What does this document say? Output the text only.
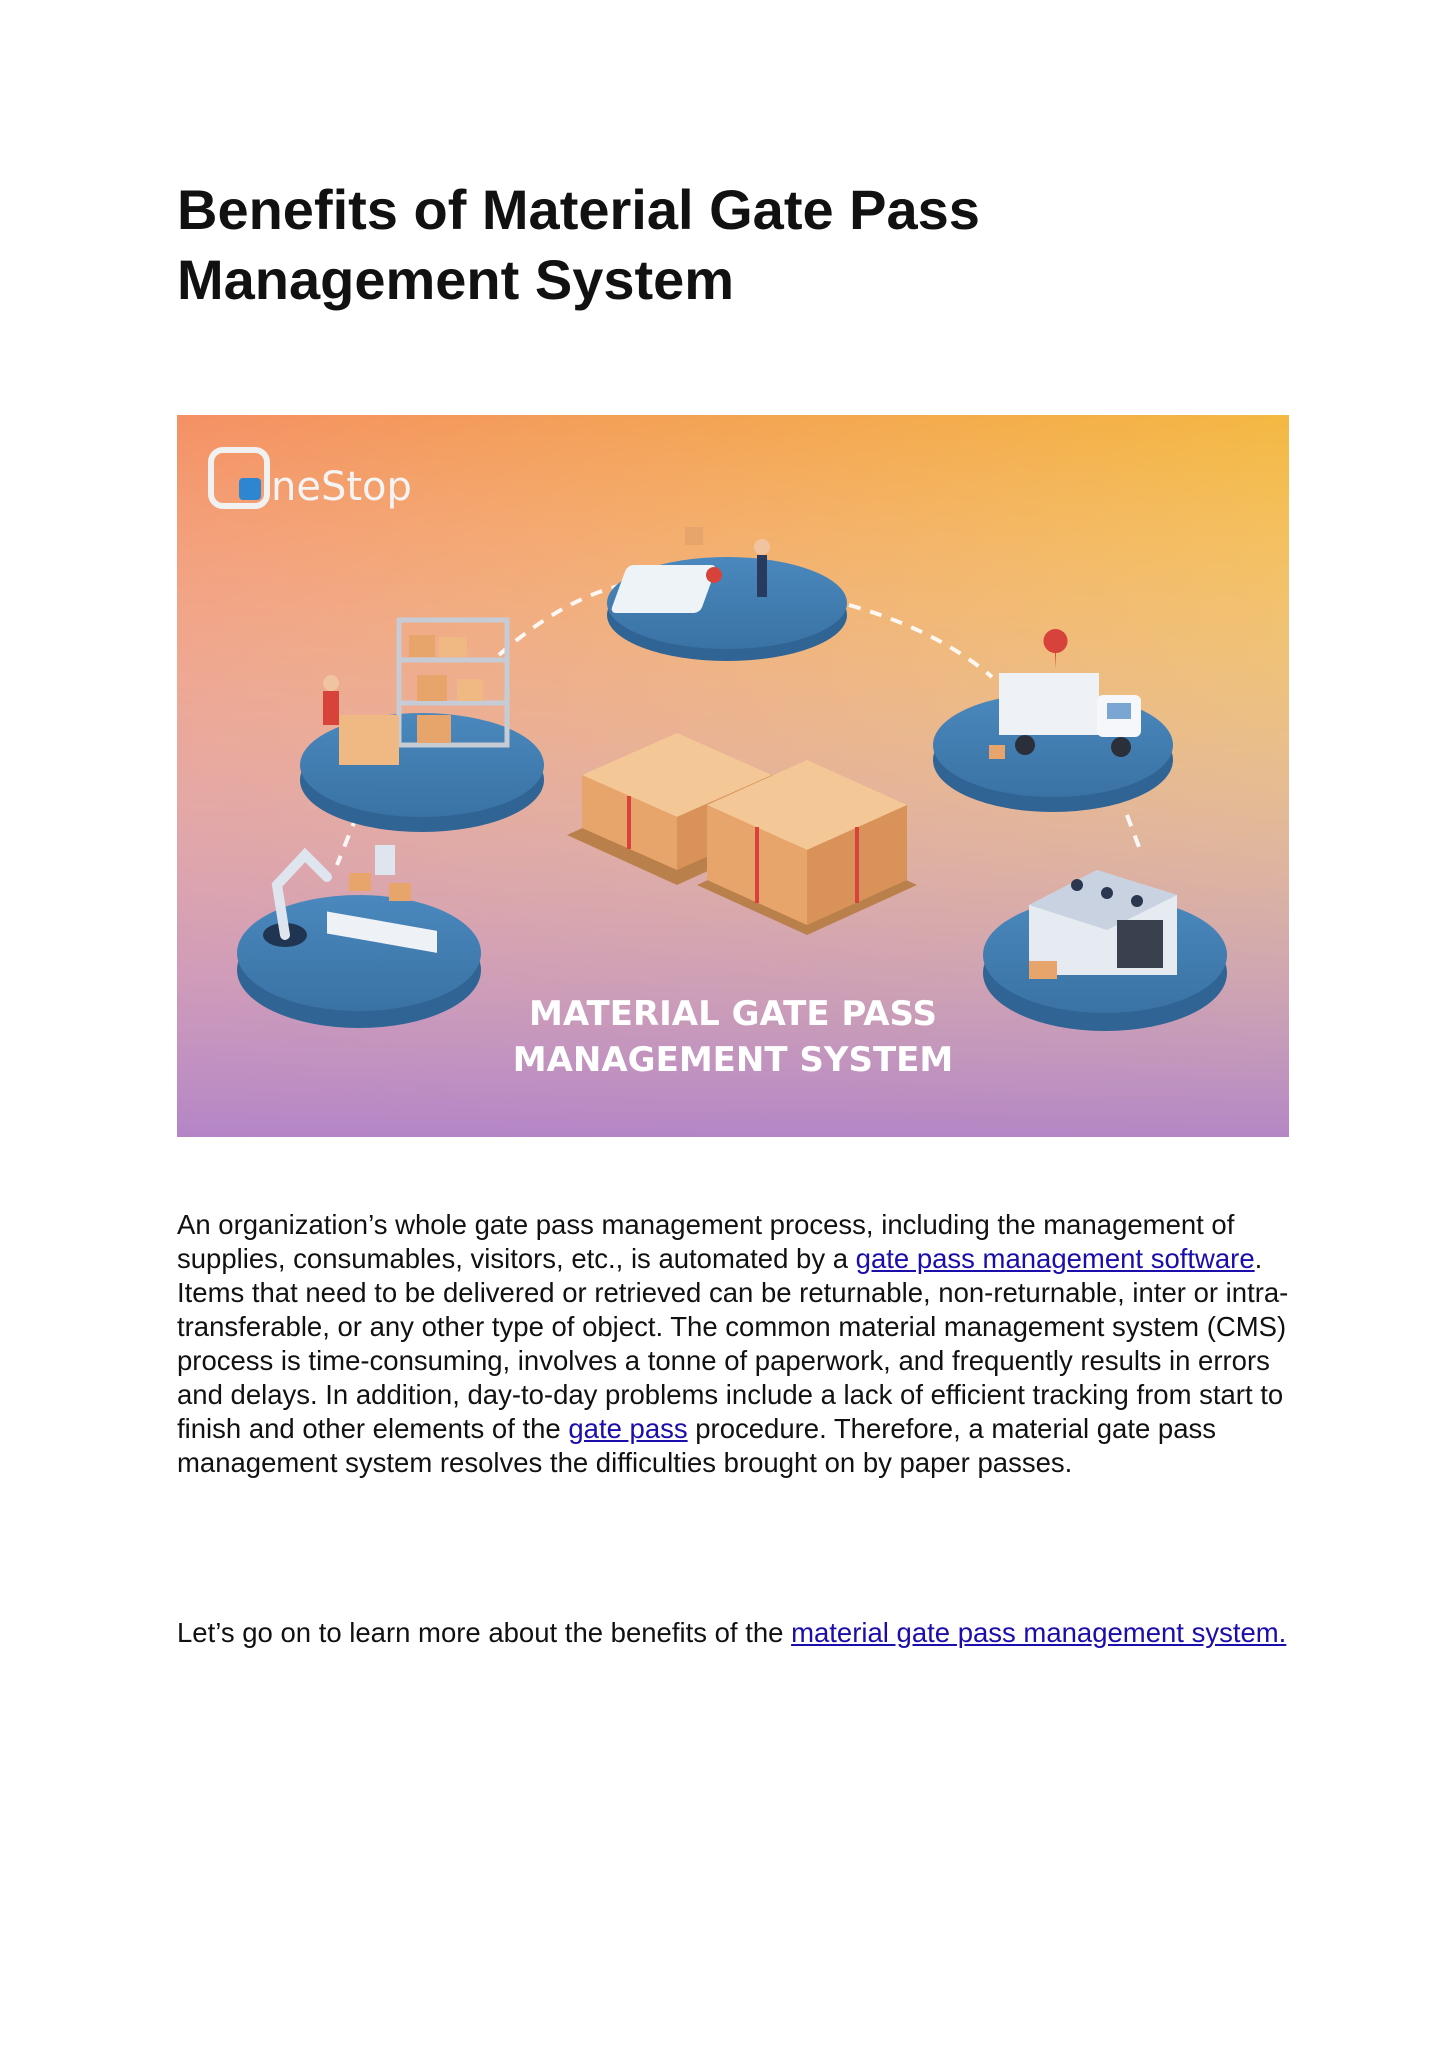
Benefits of Material Gate Pass
Management System
neStop
MATERIAL GATE PASS
MANAGEMENT SYSTEM

An organization’s whole gate pass management process, including the management of supplies, consumables, visitors, etc., is automated by a gate pass management software. Items that need to be delivered or retrieved can be returnable, non-returnable, inter or intra-transferable, or any other type of object. The common material management system (CMS) process is time-consuming, involves a tonne of paperwork, and frequently results in errors and delays. In addition, day-to-day problems include a lack of efficient tracking from start to finish and other elements of the gate pass procedure. Therefore, a material gate pass management system resolves the difficulties brought on by paper passes.

Let’s go on to learn more about the benefits of the material gate pass management system.
